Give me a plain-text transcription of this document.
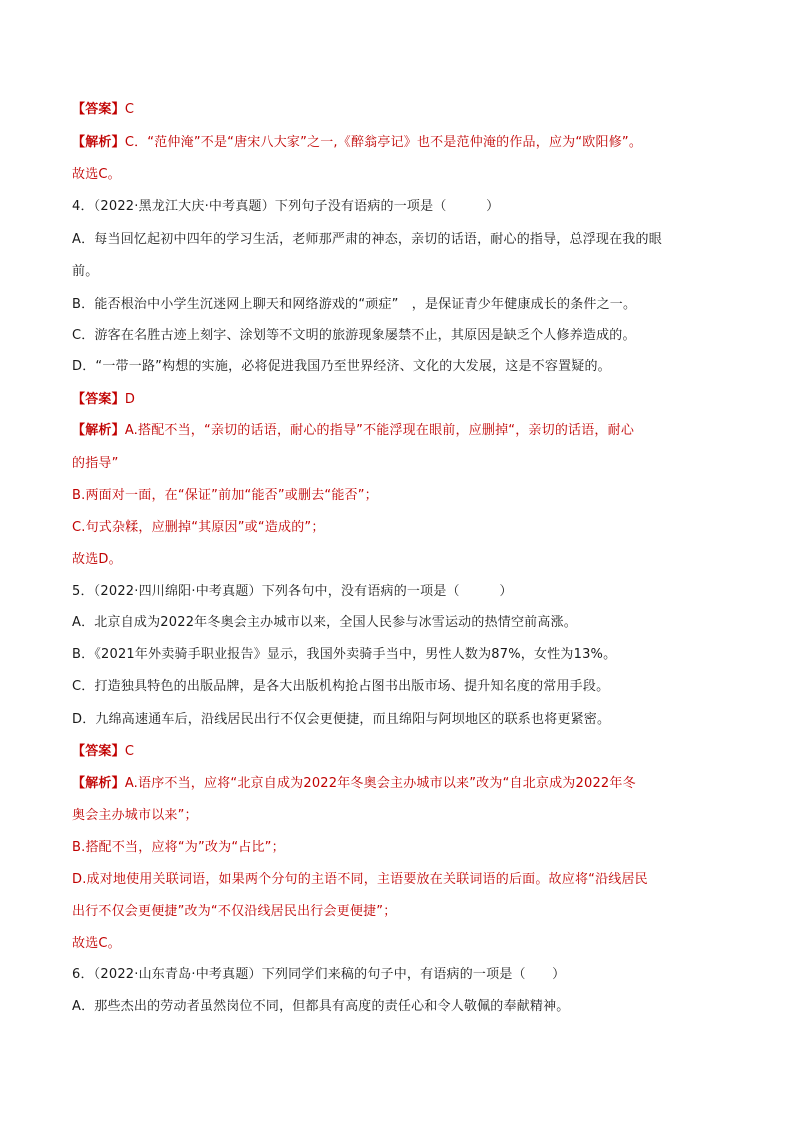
【答案】C
【解析】C．“范仲淹”不是“唐宋八大家”之一,《醉翁亭记》也不是范仲淹的作品，应为“欧阳修”。
故选C。
4．（2022·黑龙江大庆·中考真题）下列句子没有语病的一项是（　　　）
A．每当回忆起初中四年的学习生活，老师那严肃的神态，亲切的话语，耐心的指导，总浮现在我的眼
前。
B．能否根治中小学生沉迷网上聊天和网络游戏的“顽症”　，是保证青少年健康成长的条件之一。
C．游客在名胜古迹上刻字、涂划等不文明的旅游现象屡禁不止，其原因是缺乏个人修养造成的。
D．“一带一路”构想的实施，必将促进我国乃至世界经济、文化的大发展，这是不容置疑的。
【答案】D
【解析】A.搭配不当，“亲切的话语，耐心的指导”不能浮现在眼前，应删掉“，亲切的话语，耐心
的指导”
B.两面对一面，在“保证”前加“能否”或删去“能否”；
C.句式杂糅，应删掉“其原因”或“造成的”；
故选D。
5．（2022·四川绵阳·中考真题）下列各句中，没有语病的一项是（　　　）
A．北京自成为2022年冬奥会主办城市以来，全国人民参与冰雪运动的热情空前高涨。
B．《2021年外卖骑手职业报告》显示，我国外卖骑手当中，男性人数为87%，女性为13%。
C．打造独具特色的出版品牌，是各大出版机构抢占图书出版市场、提升知名度的常用手段。
D．九绵高速通车后，沿线居民出行不仅会更便捷，而且绵阳与阿坝地区的联系也将更紧密。
【答案】C
【解析】A.语序不当，应将“北京自成为2022年冬奥会主办城市以来”改为“自北京成为2022年冬
奥会主办城市以来”；
B.搭配不当，应将“为”改为“占比”；
D.成对地使用关联词语，如果两个分句的主语不同，主语要放在关联词语的后面。故应将“沿线居民
出行不仅会更便捷”改为“不仅沿线居民出行会更便捷”；
故选C。
6．（2022·山东青岛·中考真题）下列同学们来稿的句子中，有语病的一项是（　　）
A．那些杰出的劳动者虽然岗位不同，但都具有高度的责任心和令人敬佩的奉献精神。
